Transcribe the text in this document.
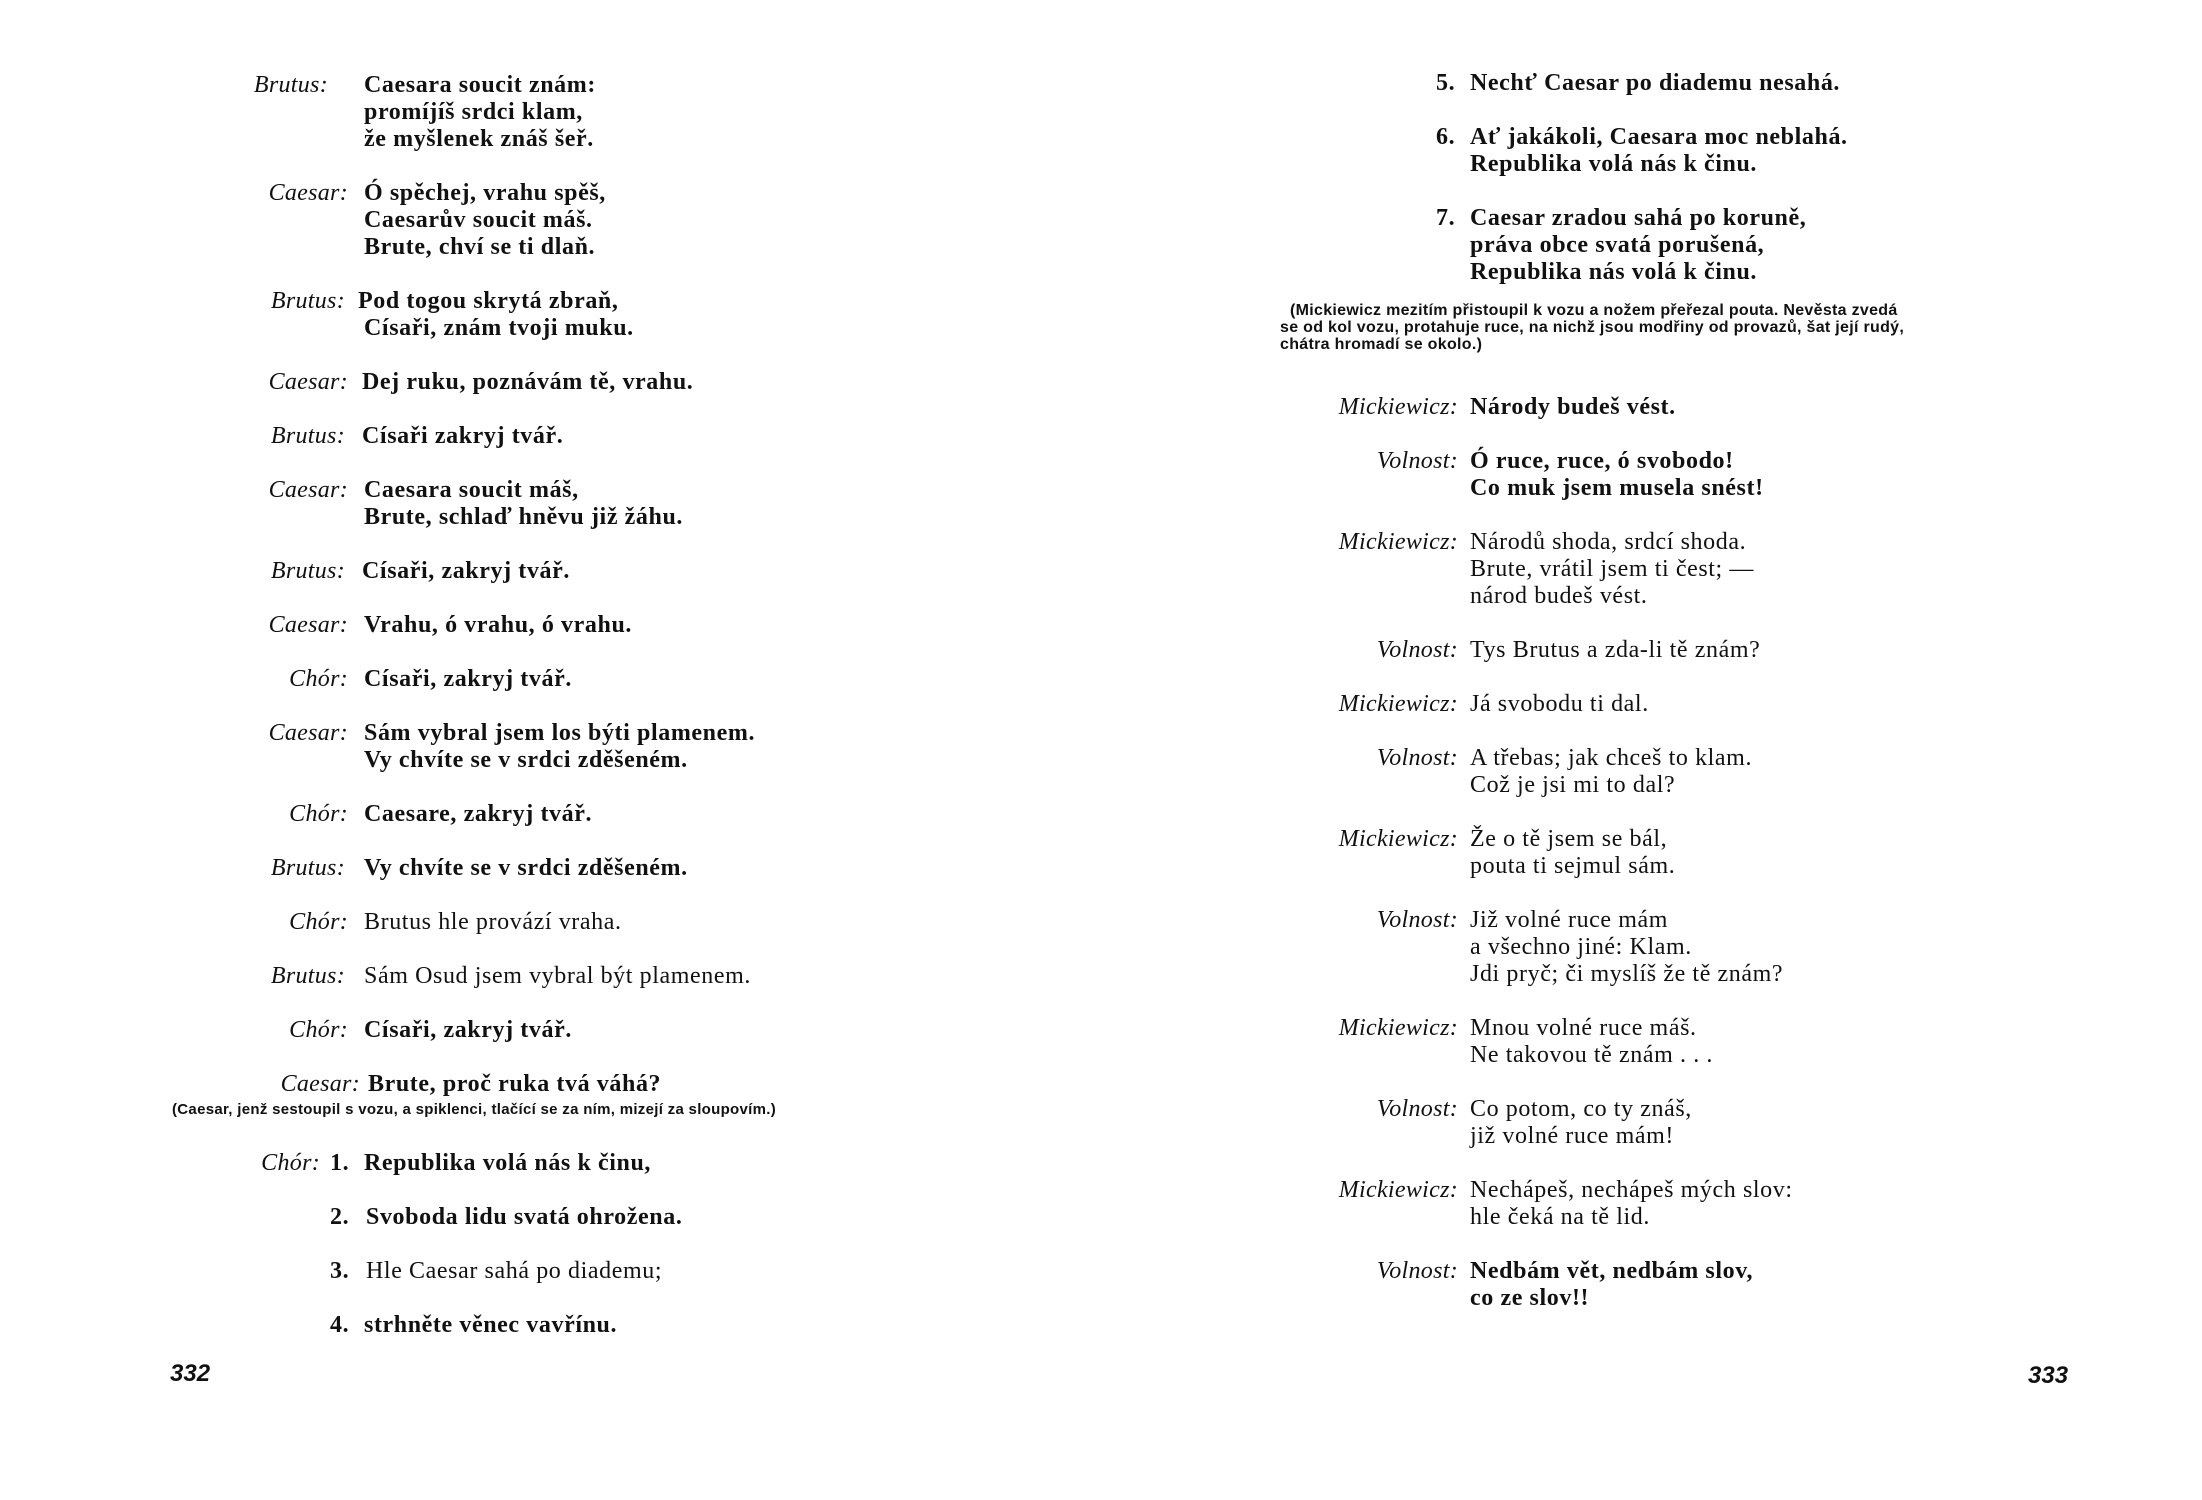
Brutus: Caesara soucit znám:
promíjíš srdci klam,
že myšlenek znáš šeř.
Caesar: Ó spěchej, vrahu spěš,
Caesarův soucit máš.
Brute, chví se ti dlaň.
Brutus: Pod togou skrytá zbraň,
Císaři, znám tvoji muku.
Caesar: Dej ruku, poznávám tě, vrahu.
Brutus: Císaři zakryj tvář.
Caesar: Caesara soucit máš,
Brute, schlaď hněvu již žáhu.
Brutus: Císaři, zakryj tvář.
Caesar: Vrahu, ó vrahu, ó vrahu.
Chór: Císaři, zakryj tvář.
Caesar: Sám vybral jsem los býti plamenem.
Vy chvíte se v srdci zděšeném.
Chór: Caesare, zakryj tvář.
Brutus: Vy chvíte se v srdci zděšeném.
Chór: Brutus hle provází vraha.
Brutus: Sám Osud jsem vybral být plamenem.
Chór: Císaři, zakryj tvář.
Caesar: Brute, proč ruka tvá váhá?
(Caesar, jenž sestoupil s vozu, a spiklenci, tlačící se za ním, mizejí za sloupovím.)
Chór: 1. Republika volá nás k činu,
2. Svoboda lidu svatá ohrožena.
3. Hle Caesar sahá po diademu;
4. strhněte věnec vavřínu.
332
5. Nechť Caesar po diademu nesahá.
6. Ať jakákoli, Caesara moc neblahá.
Republika volá nás k činu.
7. Caesar zradou sahá po koruně,
práva obce svatá porušená,
Republika nás volá k činu.
(Mickiewicz mezitím přistoupil k vozu a nožem přeřezal pouta. Nevěsta zvedá
se od kol vozu, protahuje ruce, na nichž jsou modřiny od provazů, šat její rudý,
chátra hromadí se okolo.)
Mickiewicz: Národy budeš vést.
Volnost: Ó ruce, ruce, ó svobodo!
Co muk jsem musela snést!
Mickiewicz: Národů shoda, srdcí shoda.
Brute, vrátil jsem ti čest; —
národ budeš vést.
Volnost: Tys Brutus a zda-li tě znám?
Mickiewicz: Já svobodu ti dal.
Volnost: A třebas; jak chceš to klam.
Což je jsi mi to dal?
Mickiewicz: Že o tě jsem se bál,
pouta ti sejmul sám.
Volnost: Již volné ruce mám
a všechno jiné: Klam.
Jdi pryč; či myslíš že tě znám?
Mickiewicz: Mnou volné ruce máš.
Ne takovou tě znám . . .
Volnost: Co potom, co ty znáš,
již volné ruce mám!
Mickiewicz: Nechápeš, nechápeš mých slov:
hle čeká na tě lid.
Volnost: Nedbám vět, nedbám slov,
co ze slov!!
333
